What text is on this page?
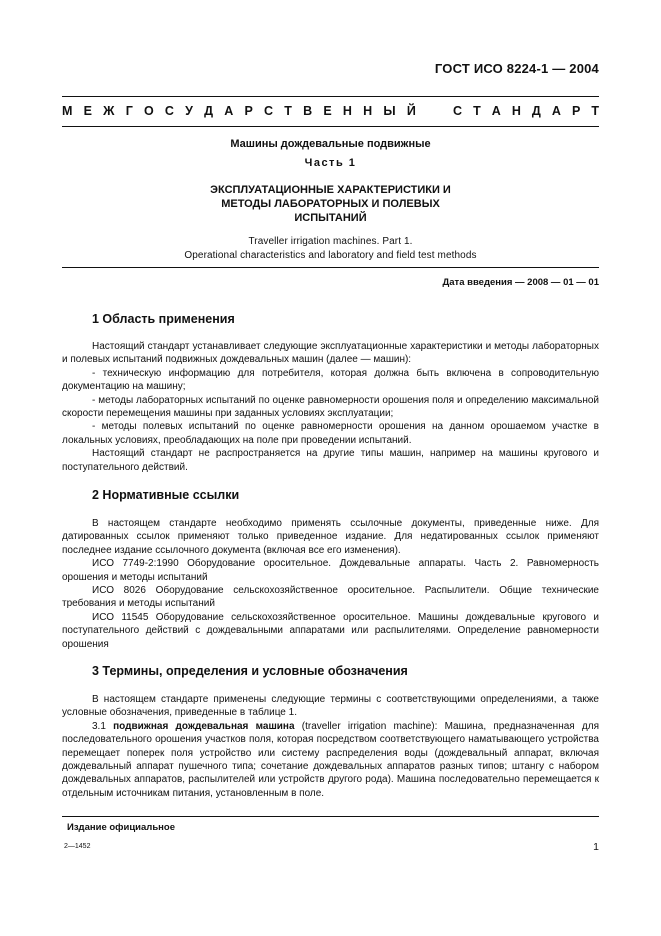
ГОСТ ИСО 8224-1 — 2004
М Е Ж Г О С У Д А Р С Т В Е Н Н Ы Й	С Т А Н Д А Р Т
Машины дождевальные подвижные
Часть 1
ЭКСПЛУАТАЦИОННЫЕ ХАРАКТЕРИСТИКИ И
МЕТОДЫ ЛАБОРАТОРНЫХ И ПОЛЕВЫХ
ИСПЫТАНИЙ
Traveller irrigation machines. Part 1.
Operational characteristics and laboratory and field test methods
Дата введения — 2008 — 01 — 01
1 Область применения

Настоящий стандарт устанавливает следующие эксплуатационные характеристики и методы лабораторных и полевых испытаний подвижных дождевальных машин (далее — машин):

- техническую информацию для потребителя, которая должна быть включена в сопроводительную документацию на машину;

- методы лабораторных испытаний по оценке равномерности орошения поля и определению максимальной скорости перемещения машины при заданных условиях эксплуатации;

- методы полевых испытаний по оценке равномерности орошения на данном орошаемом участке в локальных условиях, преобладающих на поле при проведении испытаний.

Настоящий стандарт не распространяется на другие типы машин, например на машины кругового и поступательного действий.

2 Нормативные ссылки

В настоящем стандарте необходимо применять ссылочные документы, приведенные ниже. Для датированных ссылок применяют только приведенное издание. Для недатированных ссылок применяют последнее издание ссылочного документа (включая все его изменения).

ИСО 7749-2:1990 Оборудование оросительное. Дождевальные аппараты. Часть 2. Равномерность орошения и методы испытаний

ИСО 8026 Оборудование сельскохозяйственное оросительное. Распылители. Общие технические требования и методы испытаний

ИСО 11545 Оборудование сельскохозяйственное оросительное. Машины дождевальные кругового и поступательного действий с дождевальными аппаратами или распылителями. Определение равномерности орошения

3 Термины, определения и условные обозначения

В настоящем стандарте применены следующие термины с соответствующими определениями, а также условные обозначения, приведенные в таблице 1.

3.1 подвижная дождевальная машина (traveller irrigation machine): Машина, предназначенная для последовательного орошения участков поля, которая посредством соответствующего наматывающего устройства перемещает поперек поля устройство или систему распределения воды (дождевальный аппарат, включая дождевальный аппарат пушечного типа; сочетание дождевальных аппаратов разных типов; штангу с набором дождевальных аппаратов, распылителей или устройств другого рода). Машина последовательно перемещается к отдельным источникам питания, установленным в поле.

Издание официальное
2—1452	1
